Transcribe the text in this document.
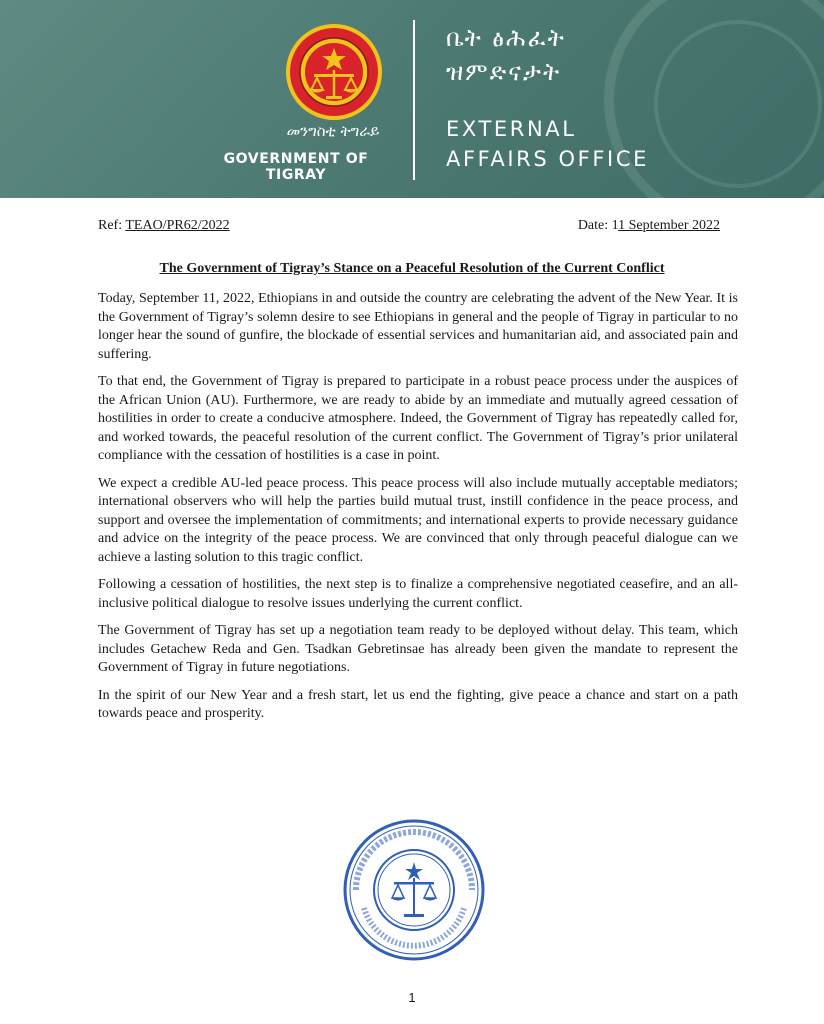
መንግስቲ ትግራይ
GOVERNMENT OF TIGRAY
ቤት ፅሕፈት
ዝምድናታት
EXTERNAL
AFFAIRS OFFICE
Ref: TEAO/PR62/2022	Date: 11 September 2022
The Government of Tigray’s Stance on a Peaceful Resolution of the Current Conflict

Today, September 11, 2022, Ethiopians in and outside the country are celebrating the advent of the New Year. It is the Government of Tigray’s solemn desire to see Ethiopians in general and the people of Tigray in particular to no longer hear the sound of gunfire, the blockade of essential services and humanitarian aid, and associated pain and suffering.

To that end, the Government of Tigray is prepared to participate in a robust peace process under the auspices of the African Union (AU). Furthermore, we are ready to abide by an immediate and mutually agreed cessation of hostilities in order to create a conducive atmosphere. Indeed, the Government of Tigray has repeatedly called for, and worked towards, the peaceful resolution of the current conflict. The Government of Tigray’s prior unilateral compliance with the cessation of hostilities is a case in point.

We expect a credible AU-led peace process. This peace process will also include mutually acceptable mediators; international observers who will help the parties build mutual trust, instill confidence in the peace process, and support and oversee the implementation of commitments; and international experts to provide necessary guidance and advice on the integrity of the peace process. We are convinced that only through peaceful dialogue can we achieve a lasting solution to this tragic conflict.

Following a cessation of hostilities, the next step is to finalize a comprehensive negotiated ceasefire, and an all-inclusive political dialogue to resolve issues underlying the current conflict.

The Government of Tigray has set up a negotiation team ready to be deployed without delay. This team, which includes Getachew Reda and Gen. Tsadkan Gebretinsae has already been given the mandate to represent the Government of Tigray in future negotiations.

In the spirit of our New Year and a fresh start, let us end the fighting, give peace a chance and start on a path towards peace and prosperity.

1
